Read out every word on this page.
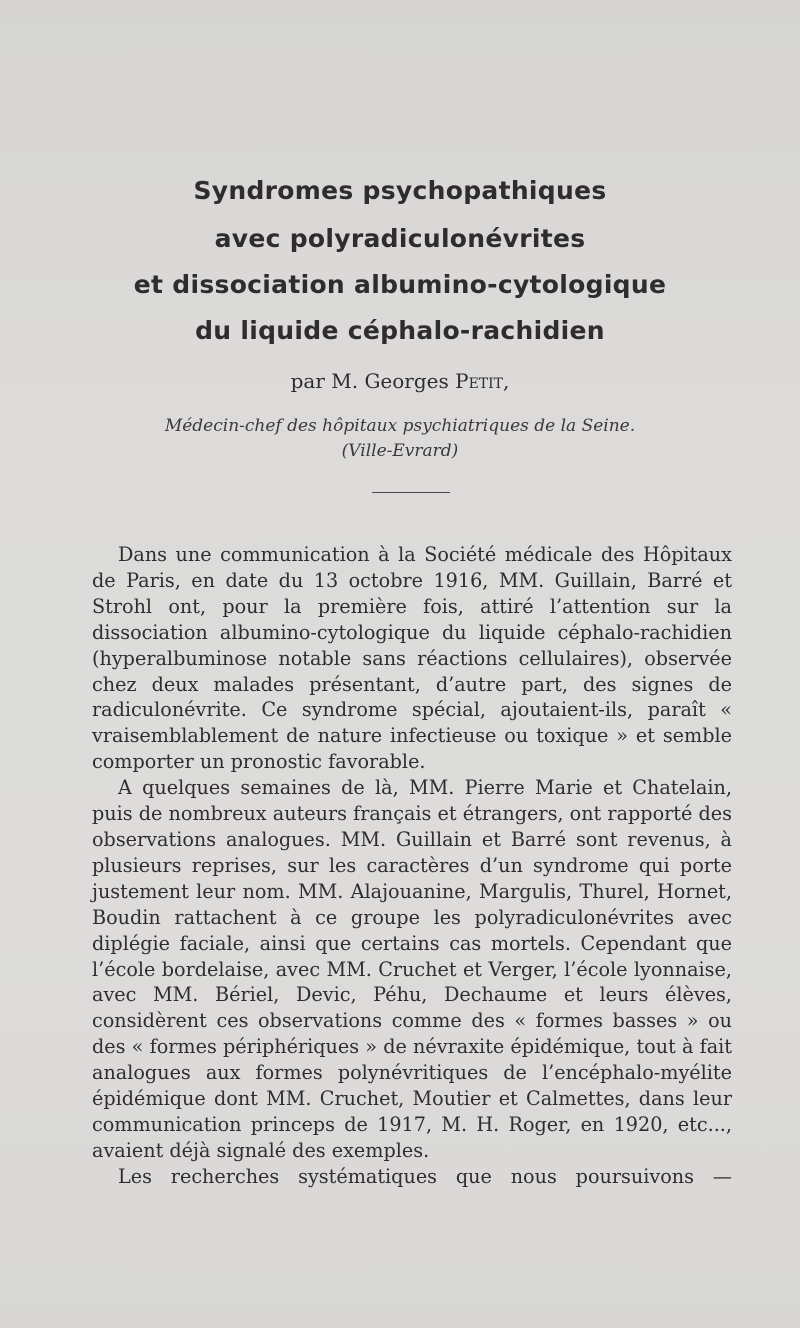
Syndromes psychopathiques
avec polyradiculonévrites
et dissociation albumino-cytologique
du liquide céphalo-rachidien
par M. Georges Petit,
Médecin-chef des hôpitaux psychiatriques de la Seine.
(Ville-Evrard)

Dans une communication à la Société médicale des Hôpitaux de Paris, en date du 13 octobre 1916, MM. Guillain, Barré et Strohl ont, pour la première fois, attiré l’attention sur la dissociation albumino-cytologique du liquide céphalo-rachidien (hyperalbuminose notable sans réactions cellulaires), observée chez deux malades présentant, d’autre part, des signes de radiculonévrite. Ce syndrome spécial, ajoutaient-ils, paraît « vraisemblablement de nature infectieuse ou toxique » et semble comporter un pronostic favorable.

A quelques semaines de là, MM. Pierre Marie et Chatelain, puis de nombreux auteurs français et étrangers, ont rapporté des observations analogues. MM. Guillain et Barré sont revenus, à plusieurs reprises, sur les caractères d’un syndrome qui porte justement leur nom. MM. Alajouanine, Margulis, Thurel, Hornet, Boudin rattachent à ce groupe les polyradiculonévrites avec diplégie faciale, ainsi que certains cas mortels. Cependant que l’école bordelaise, avec MM. Cruchet et Verger, l’école lyonnaise, avec MM. Bériel, Devic, Péhu, Dechaume et leurs élèves, considèrent ces observations comme des « formes basses » ou des « formes périphériques » de névraxite épidémique, tout à fait analogues aux formes polynévritiques de l’encéphalo-myélite épidémique dont MM. Cruchet, Moutier et Calmettes, dans leur communication princeps de 1917, M. H. Roger, en 1920, etc..., avaient déjà signalé des exemples.

Les recherches systématiques que nous poursuivons —
